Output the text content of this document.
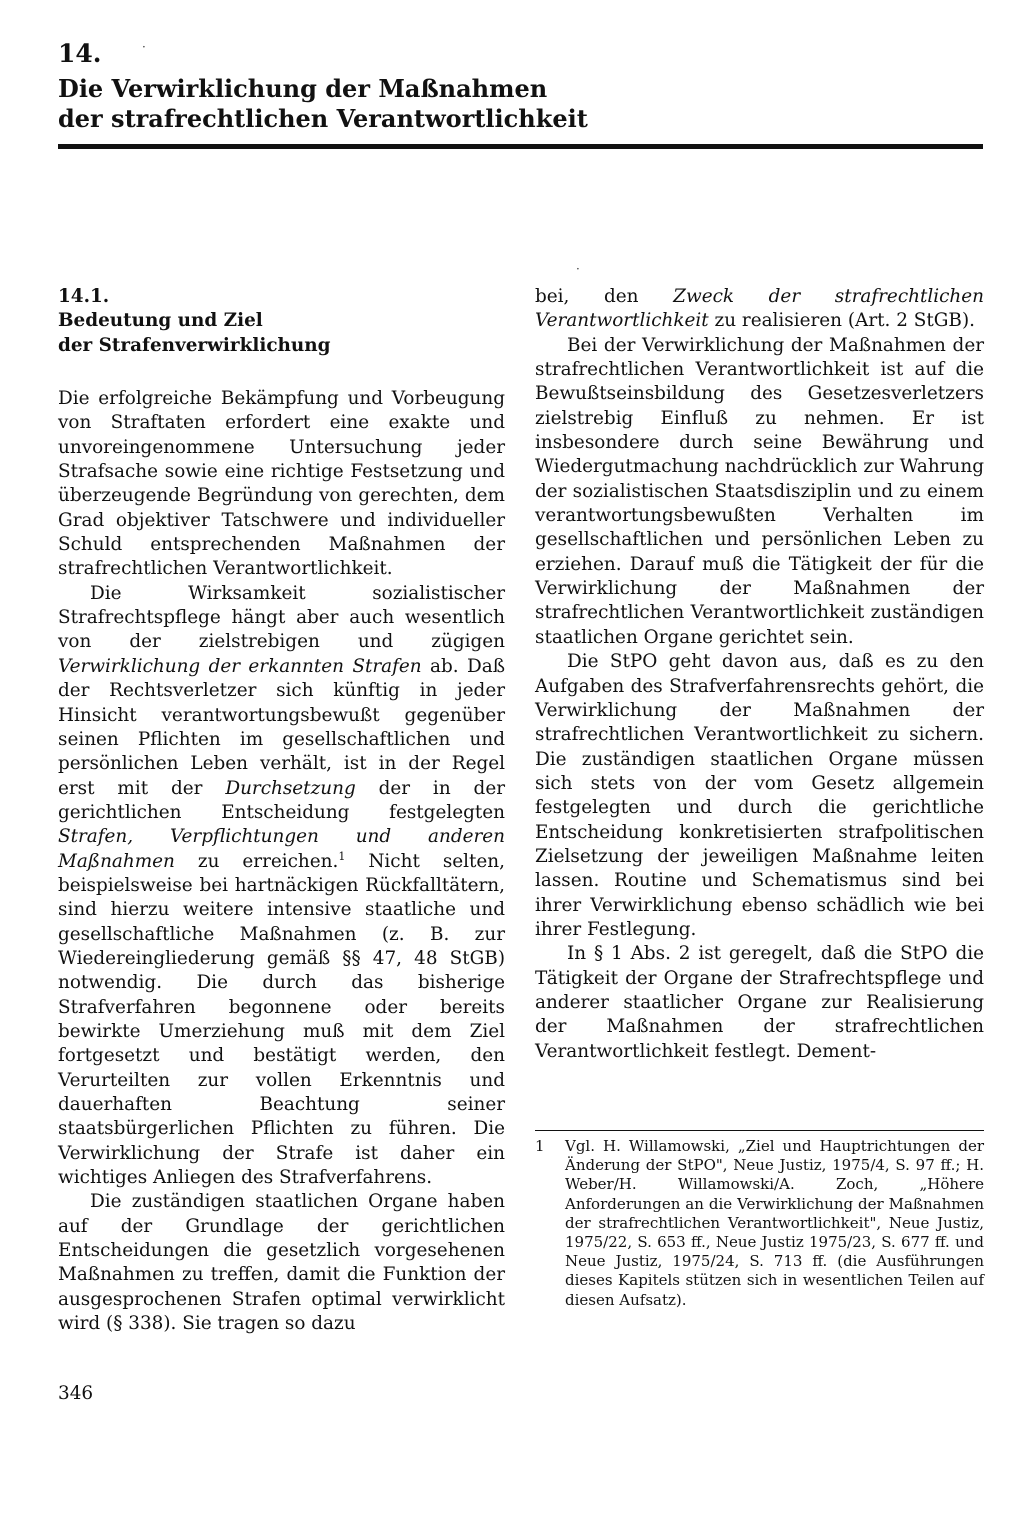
14.
Die Verwirklichung der Maßnahmen
der strafrechtlichen Verantwortlichkeit
14.1.
Bedeutung und Ziel
der Strafenverwirklichung

Die erfolgreiche Bekämpfung und Vorbeugung von Straftaten erfordert eine exakte und unvoreingenommene Untersuchung jeder Strafsache sowie eine richtige Festsetzung und überzeugende Begründung von gerechten, dem Grad objektiver Tatschwere und individueller Schuld entsprechenden Maßnahmen der strafrechtlichen Verantwortlichkeit.

Die Wirksamkeit sozialistischer Strafrechtspflege hängt aber auch wesentlich von der zielstrebigen und zügigen Verwirklichung der erkannten Strafen ab. Daß der Rechtsverletzer sich künftig in jeder Hinsicht verantwortungsbewußt gegenüber seinen Pflichten im gesellschaftlichen und persönlichen Leben verhält, ist in der Regel erst mit der Durchsetzung der in der gerichtlichen Entscheidung festgelegten Strafen, Verpflichtungen und anderen Maßnahmen zu erreichen.$^1$ Nicht selten, beispielsweise bei hartnäckigen Rückfalltätern, sind hierzu weitere intensive staatliche und gesellschaftliche Maßnahmen (z. B. zur Wiedereingliederung gemäß §§ 47, 48 StGB) notwendig. Die durch das bisherige Strafverfahren begonnene oder bereits bewirkte Umerziehung muß mit dem Ziel fortgesetzt und bestätigt werden, den Verurteilten zur vollen Erkenntnis und dauerhaften Beachtung seiner staatsbürgerlichen Pflichten zu führen. Die Verwirklichung der Strafe ist daher ein wichtiges Anliegen des Strafverfahrens.

Die zuständigen staatlichen Organe haben auf der Grundlage der gerichtlichen Entscheidungen die gesetzlich vorgesehenen Maßnahmen zu treffen, damit die Funktion der ausgesprochenen Strafen optimal verwirklicht wird (§ 338). Sie tragen so dazu

bei, den Zweck der strafrechtlichen Verantwortlichkeit zu realisieren (Art. 2 StGB).

Bei der Verwirklichung der Maßnahmen der strafrechtlichen Verantwortlichkeit ist auf die Bewußtseinsbildung des Gesetzesverletzers zielstrebig Einfluß zu nehmen. Er ist insbesondere durch seine Bewährung und Wiedergutmachung nachdrücklich zur Wahrung der sozialistischen Staatsdisziplin und zu einem verantwortungsbewußten Verhalten im gesellschaftlichen und persönlichen Leben zu erziehen. Darauf muß die Tätigkeit der für die Verwirklichung der Maßnahmen der strafrechtlichen Verantwortlichkeit zuständigen staatlichen Organe gerichtet sein.

Die StPO geht davon aus, daß es zu den Aufgaben des Strafverfahrensrechts gehört, die Verwirklichung der Maßnahmen der strafrechtlichen Verantwortlichkeit zu sichern. Die zuständigen staatlichen Organe müssen sich stets von der vom Gesetz allgemein festgelegten und durch die gerichtliche Entscheidung konkretisierten strafpolitischen Zielsetzung der jeweiligen Maßnahme leiten lassen. Routine und Schematismus sind bei ihrer Verwirklichung ebenso schädlich wie bei ihrer Festlegung.

In § 1 Abs. 2 ist geregelt, daß die StPO die Tätigkeit der Organe der Strafrechtspflege und anderer staatlicher Organe zur Realisierung der Maßnahmen der strafrechtlichen Verantwortlichkeit festlegt. Dement-

1	Vgl. H. Willamowski, „Ziel und Hauptrichtungen der Änderung der StPO", Neue Justiz, 1975/4, S. 97 ff.; H. Weber/H. Willamowski/A. Zoch, „Höhere Anforderungen an die Verwirklichung der Maßnahmen der strafrechtlichen Verantwortlichkeit", Neue Justiz, 1975/22, S. 653 ff., Neue Justiz 1975/23, S. 677 ff. und Neue Justiz, 1975/24, S. 713 ff. (die Ausführungen dieses Kapitels stützen sich in wesentlichen Teilen auf diesen Aufsatz).
346
·
·
